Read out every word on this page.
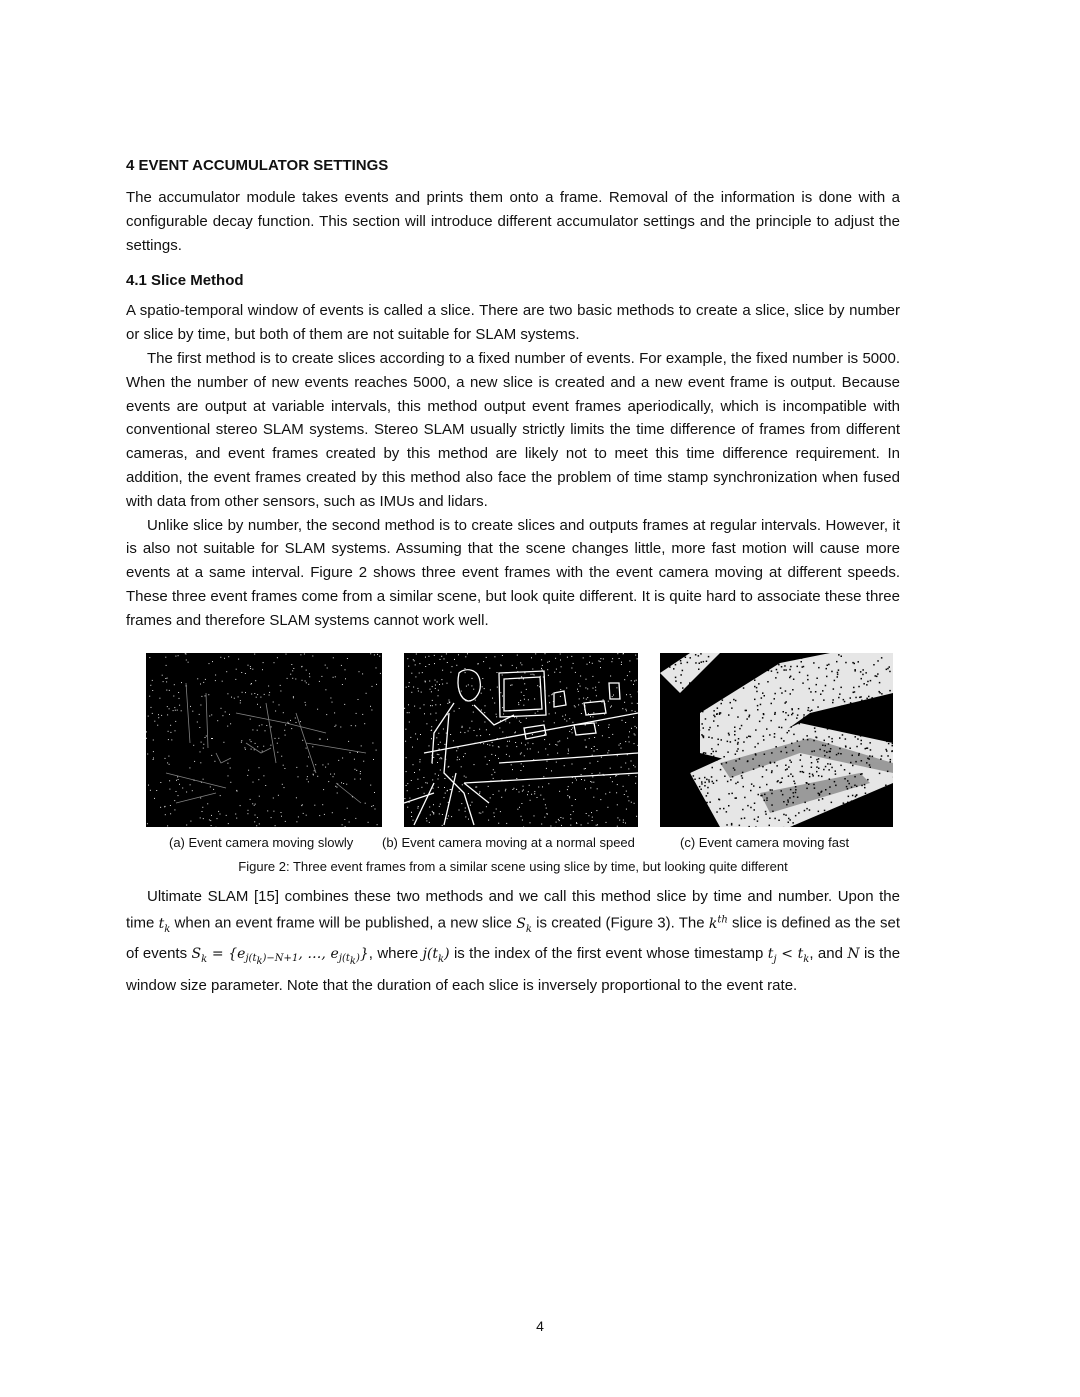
4 EVENT ACCUMULATOR SETTINGS

The accumulator module takes events and prints them onto a frame. Removal of the information is done with a configurable decay function. This section will introduce different accumulator settings and the principle to adjust the settings.

4.1 Slice Method

A spatio-temporal window of events is called a slice. There are two basic methods to create a slice, slice by number or slice by time, but both of them are not suitable for SLAM systems.

The first method is to create slices according to a fixed number of events. For example, the fixed number is 5000. When the number of new events reaches 5000, a new slice is created and a new event frame is output. Because events are output at variable intervals, this method output event frames aperiodically, which is incompatible with conventional stereo SLAM systems. Stereo SLAM usually strictly limits the time difference of frames from different cameras, and event frames created by this method are likely not to meet this time difference requirement. In addition, the event frames created by this method also face the problem of time stamp synchronization when fused with data from other sensors, such as IMUs and lidars.

Unlike slice by number, the second method is to create slices and outputs frames at regular intervals. However, it is also not suitable for SLAM systems. Assuming that the scene changes little, more fast motion will cause more events at a same interval. Figure 2 shows three event frames with the event camera moving at different speeds. These three event frames come from a similar scene, but look quite different. It is quite hard to associate these three frames and therefore SLAM systems cannot work well.

(a) Event camera moving slowly (b) Event camera moving at a normal speed	(c) Event camera moving fast
Figure 2: Three event frames from a similar scene using slice by time, but looking quite different

Ultimate SLAM [15] combines these two methods and we call this method slice by time and number. Upon the time $t_k$ when an event frame will be published, a new slice $S_k$ is created (Figure 3). The $k^{th}$ slice is defined as the set of events $S_k = \{e_{j(t_k)-N+1}$, …, $e_{j(t_k)}$}, where $j(t_k)$ is the index of the first event whose timestamp $t_j < t_k$, and N is the window size parameter. Note that the duration of each slice is inversely proportional to the event rate.

4
